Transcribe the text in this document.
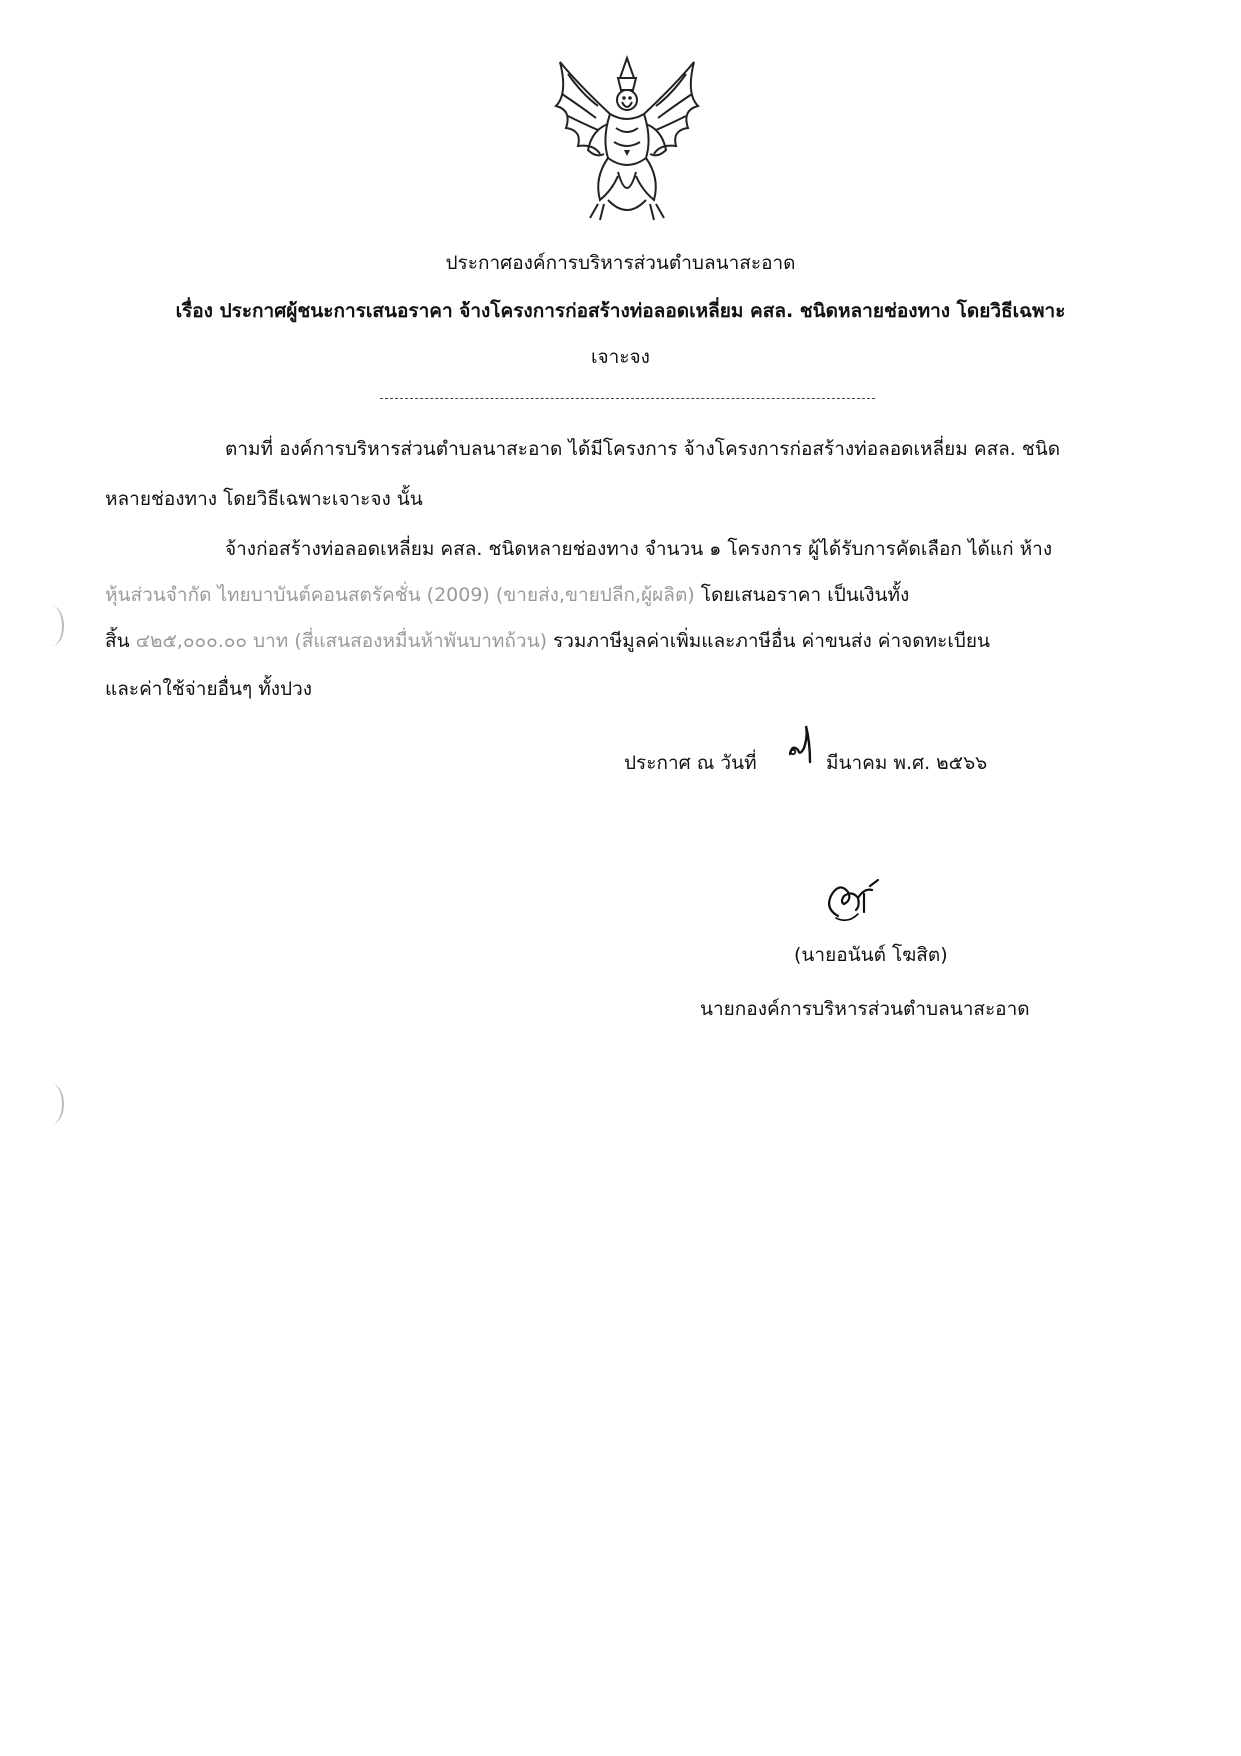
ประกาศองค์การบริหารส่วนตำบลนาสะอาด
เรื่อง ประกาศผู้ชนะการเสนอราคา จ้างโครงการก่อสร้างท่อลอดเหลี่ยม คสล. ชนิดหลายช่องทาง โดยวิธีเฉพาะ
เจาะจง
ตามที่ องค์การบริหารส่วนตำบลนาสะอาด ได้มีโครงการ จ้างโครงการก่อสร้างท่อลอดเหลี่ยม คสล. ชนิด
หลายช่องทาง โดยวิธีเฉพาะเจาะจง นั้น
จ้างก่อสร้างท่อลอดเหลี่ยม คสล. ชนิดหลายช่องทาง จำนวน ๑ โครงการ ผู้ได้รับการคัดเลือก ได้แก่ ห้าง
หุ้นส่วนจำกัด ไทยบาบันต์คอนสตรัคชั่น (2009) (ขายส่ง,ขายปลีก,ผู้ผลิต) โดยเสนอราคา เป็นเงินทั้ง
สิ้น ๔๒๕,๐๐๐.๐๐ บาท (สี่แสนสองหมื่นห้าพันบาทถ้วน) รวมภาษีมูลค่าเพิ่มและภาษีอื่น ค่าขนส่ง ค่าจดทะเบียน
และค่าใช้จ่ายอื่นๆ ทั้งปวง
ประกาศ ณ วันที่	มีนาคม พ.ศ. ๒๕๖๖
(นายอนันต์ โฆสิต)
นายกองค์การบริหารส่วนตำบลนาสะอาด
